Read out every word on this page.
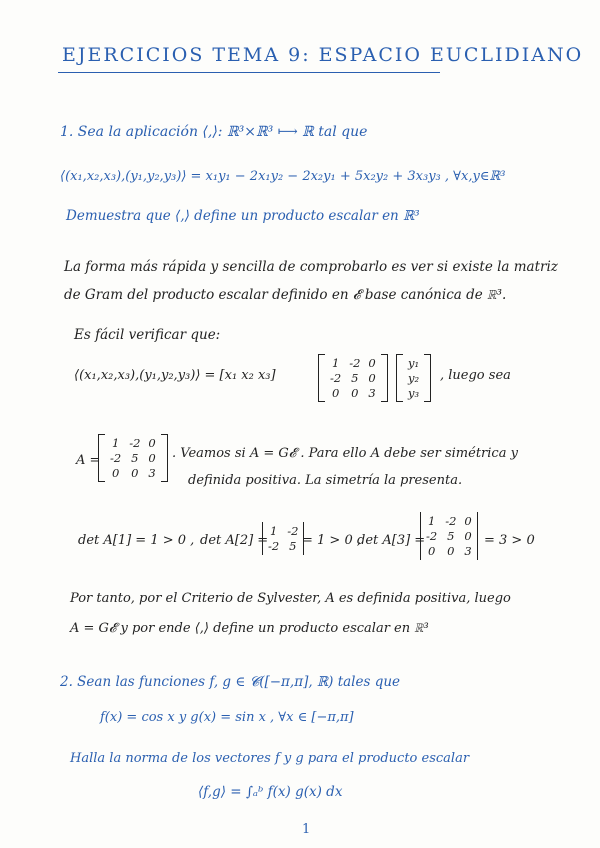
EJERCICIOS TEMA 9: ESPACIO EUCLIDIANO
1. Sea la aplicación ⟨,⟩: ℝ³×ℝ³ ⟼ ℝ tal que
⟨(x₁,x₂,x₃),(y₁,y₂,y₃)⟩ = x₁y₁ − 2x₁y₂ − 2x₂y₁ + 5x₂y₂ + 3x₃y₃ , ∀x,y∈ℝ³
Demuestra que ⟨,⟩ define un producto escalar en ℝ³
La forma más rápida y sencilla de comprobarlo es ver si existe la matriz
de Gram del producto escalar definido en 𝓔 base canónica de ℝ³.
Es fácil verificar que:
⟨(x₁,x₂,x₃),(y₁,y₂,y₃)⟩ = [x₁ x₂ x₃]
1 -2 0
-2 5 0
0 0 3
y₁
y₂
y₃
, luego sea
A =
1 -2 0
-2 5 0
0 0 3
. Veamos si A = G𝓔 . Para ello A debe ser simétrica y
definida positiva. La simetría la presenta.
det A[1] = 1 > 0 , det A[2] =
1 -2
-2 5 = 1 > 0 ,
det A[3] =
1 -2 0
-2 5 0
0 0 3
= 3 > 0
Por tanto, por el Criterio de Sylvester, A es definida positiva, luego
A = G𝓔 y por ende ⟨,⟩ define un producto escalar en ℝ³
2. Sean las funciones f, g ∈ 𝓒([−π,π], ℝ) tales que
f(x) = cos x y g(x) = sin x , ∀x ∈ [−π,π]
Halla la norma de los vectores f y g para el producto escalar
⟨f,g⟩ = ∫ₐᵇ f(x) g(x) dx
1
